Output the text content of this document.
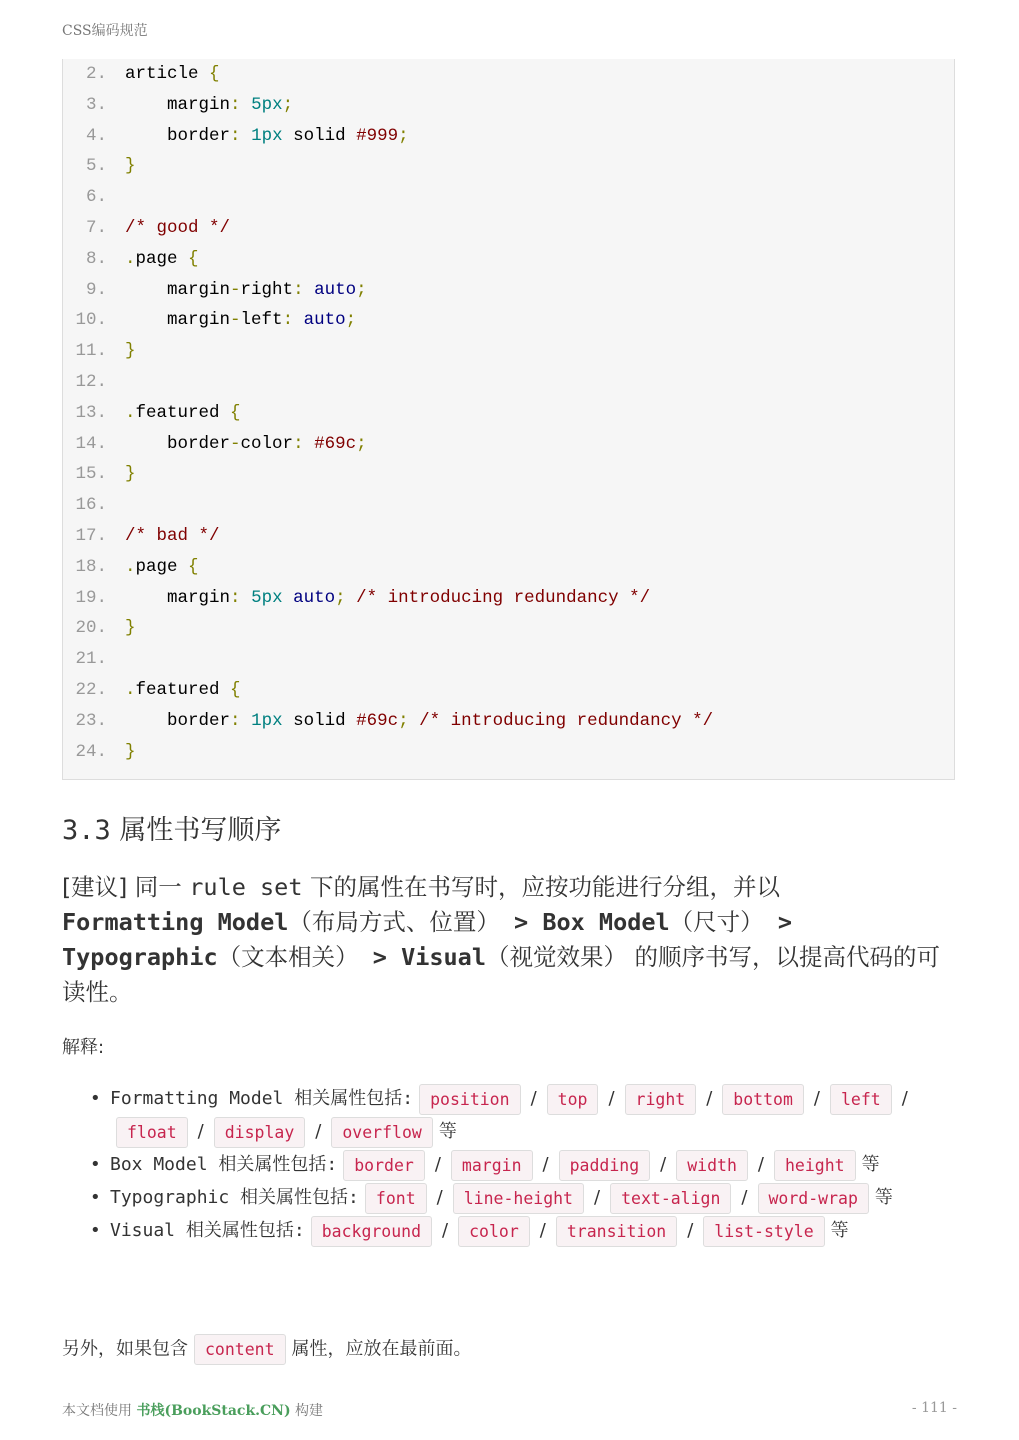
CSS编码规范
2. article {
3. margin: 5px;
4. border: 1px solid #999;
5. }
6.
7. /* good */
8. .page {
9. margin-right: auto;
10. margin-left: auto;
11. }
12.
13. .featured {
14. border-color: #69c;
15. }
16.
17. /* bad */
18. .page {
19. margin: 5px auto; /* introducing redundancy */
20. }
21.
22. .featured {
23. border: 1px solid #69c; /* introducing redundancy */
24. }
3.3 属性书写顺序
[建议] 同一 rule set 下的属性在书写时，应按功能进行分组，并以
Formatting Model（布局方式、位置） > Box Model（尺寸） >
Typographic（文本相关） > Visual（视觉效果） 的顺序书写，以提高代码的可读性。
解释:
• Formatting Model 相关属性包括: position / top / right / bottom / left /float / display / overflow 等
• Box Model 相关属性包括: border / margin / padding / width / height 等
• Typographic 相关属性包括: font / line-height / text-align / word-wrap 等
• Visual 相关属性包括: background / color / transition / list-style 等
另外，如果包含 content 属性，应放在最前面。
本文档使用 书栈(BookStack.CN) 构建	- 111 -
